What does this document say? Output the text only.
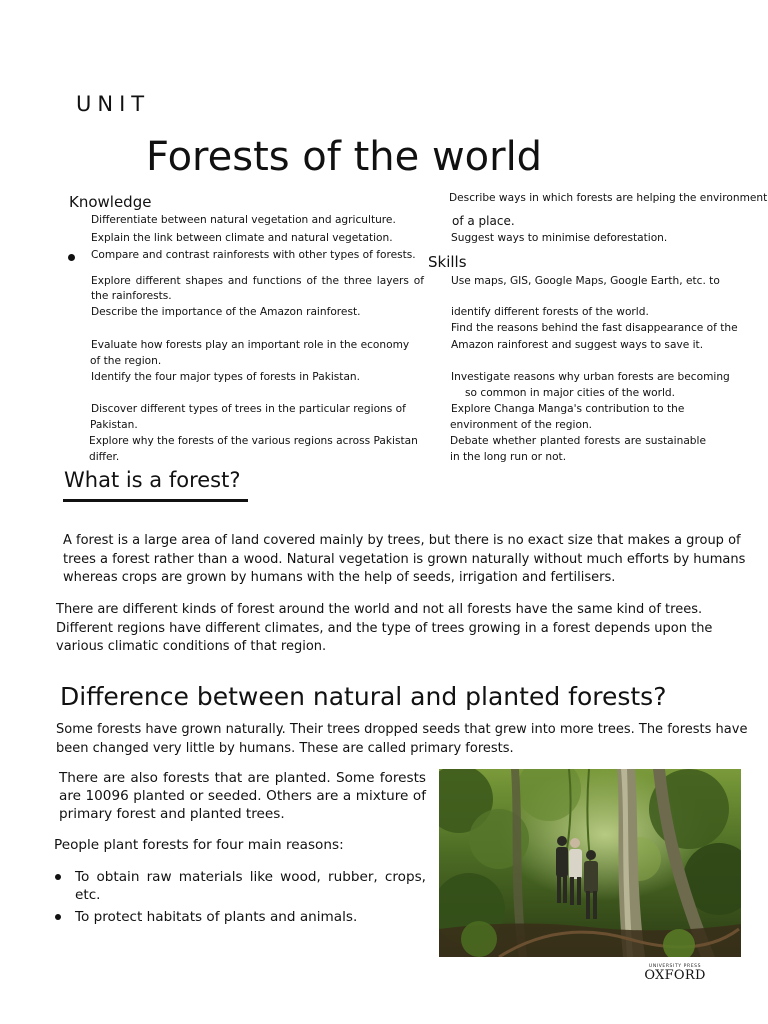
UNIT
Forests of the world
Knowledge
Differentiate between natural vegetation and agriculture.
Explain the link between climate and natural vegetation.
Compare and contrast rainforests with other types of forests.
Explore different shapes and functions of the three layers of
the rainforests.
Describe the importance of the Amazon rainforest.
Evaluate how forests play an important role in the economy
of the region.
Identify the four major types of forests in Pakistan.
Discover different types of trees in the particular regions of
Pakistan.
Explore why the forests of the various regions across Pakistan
differ.
Describe ways in which forests are helping the environment
of a place.
Suggest ways to minimise deforestation.
Skills
Use maps, GIS, Google Maps, Google Earth, etc. to
identify different forests of the world.
Find the reasons behind the fast disappearance of the
Amazon rainforest and suggest ways to save it.
Investigate reasons why urban forests are becoming
so common in major cities of the world.
Explore Changa Manga's contribution to the
environment of the region.
Debate whether planted forests are sustainable
in the long run or not.
What is a forest?

A forest is a large area of land covered mainly by trees, but there is no exact size that makes a group of trees a forest rather than a wood. Natural vegetation is grown naturally without much efforts by humans whereas crops are grown by humans with the help of seeds, irrigation and fertilisers.

There are different kinds of forest around the world and not all forests have the same kind of trees. Different regions have different climates, and the type of trees growing in a forest depends upon the various climatic conditions of that region.

Difference between natural and planted forests?

Some forests have grown naturally. Their trees dropped seeds that grew into more trees. The forests have been changed very little by humans. These are called primary forests.

There are also forests that are planted. Some forests are 10096 planted or seeded. Others are a mixture of primary forest and planted trees.

People plant forests for four main reasons:
To obtain raw materials like wood, rubber, crops, etc.
To protect habitats of plants and animals.
UNIVERSITY PRESS
OXFORD
